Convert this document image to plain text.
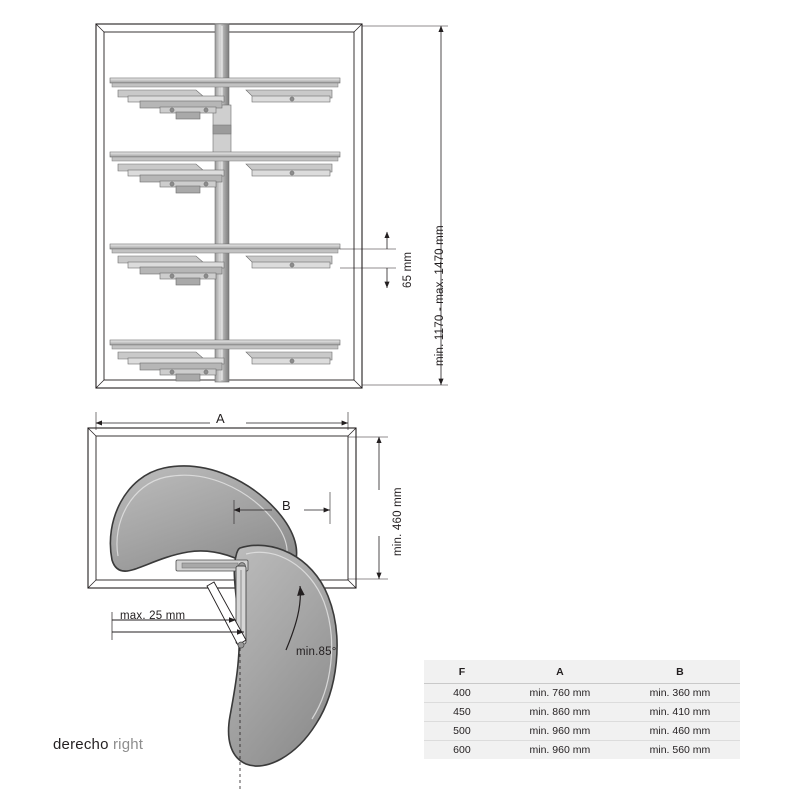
min. 1170 - max. 1470 mm
65 mm
A
B	min. 460 mm
max. 25 mm
min.85°
derecho right
F	A	B
400	min. 760 mm	min. 360 mm
450	min. 860 mm	min. 410 mm
500	min. 960 mm	min. 460 mm
600	min. 960 mm	min. 560 mm
